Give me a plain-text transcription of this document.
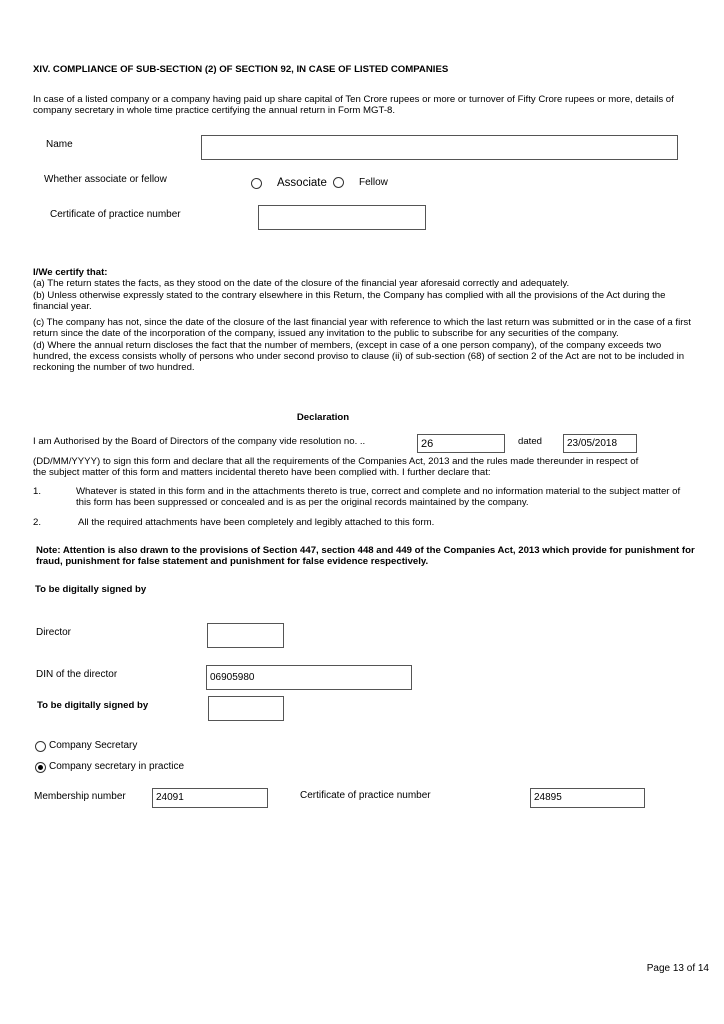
XIV. COMPLIANCE OF SUB-SECTION (2) OF SECTION 92, IN CASE OF LISTED COMPANIES
In case of a listed company or a company having paid up share capital of Ten Crore rupees or more or turnover of Fifty Crore rupees or more, details of company secretary in whole time practice certifying the annual return in Form MGT-8.
Name
Whether associate or fellow	Associate	Fellow
Certificate of practice number

I/We certify that:

(a) The return states the facts, as they stood on the date of the closure of the financial year aforesaid correctly and adequately.

(b) Unless otherwise expressly stated to the contrary elsewhere in this Return, the Company has complied with all the provisions of the Act during the financial year.

(c) The company has not, since the date of the closure of the last financial year with reference to which the last return was submitted or in the case of a first return since the date of the incorporation of the company, issued any invitation to the public to subscribe for any securities of the company.

(d) Where the annual return discloses the fact that the number of members, (except in case of a one person company), of the company exceeds two hundred, the excess consists wholly of persons who under second proviso to clause (ii) of sub-section (68) of section 2 of the Act are not to be included in reckoning the number of two hundred.

Declaration
I am Authorised by the Board of Directors of the company vide resolution no. ..	26	dated	23/05/2018
(DD/MM/YYYY) to sign this form and declare that all the requirements of the Companies Act, 2013 and the rules made thereunder in respect of the subject matter of this form and matters incidental thereto have been complied with. I further declare that:
1.	Whatever is stated in this form and in the attachments thereto is true, correct and complete and no information material to the subject matter of this form has been suppressed or concealed and is as per the original records maintained by the company.
2.	All the required attachments have been completely and legibly attached to this form.
Note: Attention is also drawn to the provisions of Section 447, section 448 and 449 of the Companies Act, 2013 which provide for punishment for fraud, punishment for false statement and punishment for false evidence respectively.
To be digitally signed by
Director
DIN of the director	06905980
To be digitally signed by
Company Secretary
Company secretary in practice
Membership number	24091	Certificate of practice number	24895
Page 13 of 14
